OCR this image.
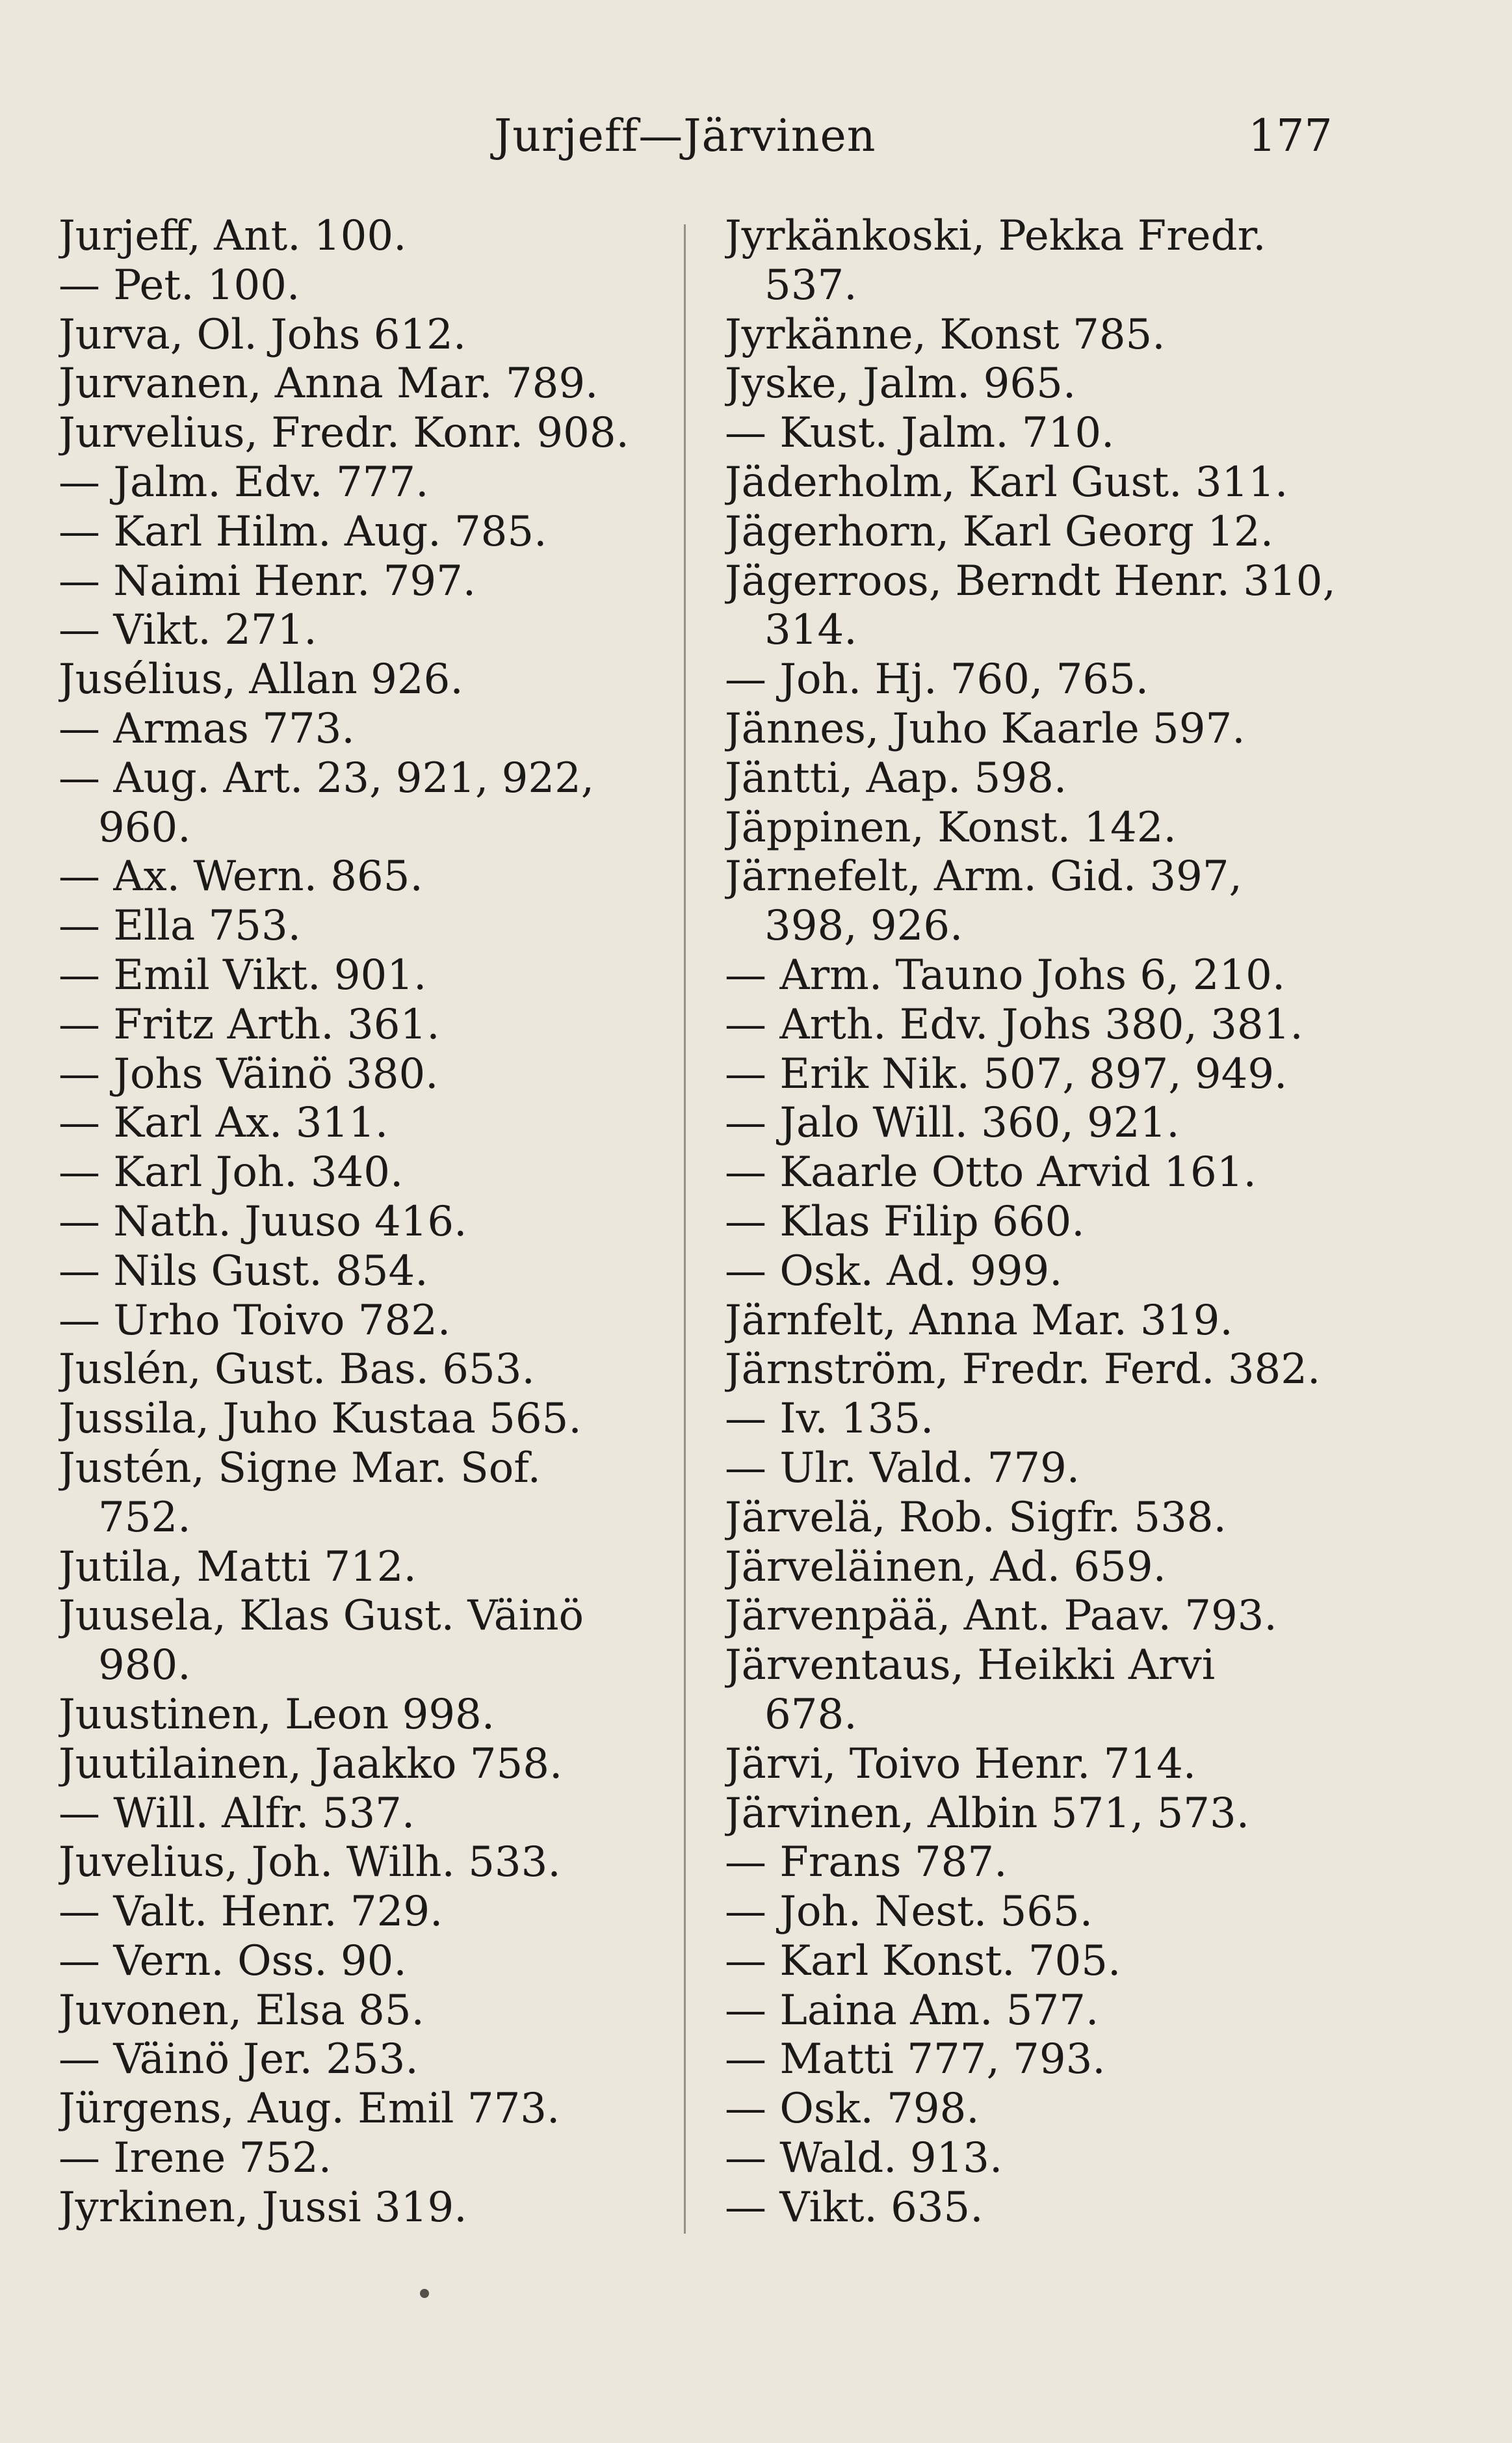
Jurjeff—Järvinen	177
Jurjeff, Ant. 100.
— Pet. 100.
Jurva, Ol. Johs 612.
Jurvanen, Anna Mar. 789.
Jurvelius, Fredr. Konr. 908.
— Jalm. Edv. 777.
— Karl Hilm. Aug. 785.
— Naimi Henr. 797.
— Vikt. 271.
Jusélius, Allan 926.
— Armas 773.
— Aug. Art. 23, 921, 922,
960.
— Ax. Wern. 865.
— Ella 753.
— Emil Vikt. 901.
— Fritz Arth. 361.
— Johs Väinö 380.
— Karl Ax. 311.
— Karl Joh. 340.
— Nath. Juuso 416.
— Nils Gust. 854.
— Urho Toivo 782.
Juslén, Gust. Bas. 653.
Jussila, Juho Kustaa 565.
Justén, Signe Mar. Sof.
752.
Jutila, Matti 712.
Juusela, Klas Gust. Väinö
980.
Juustinen, Leon 998.
Juutilainen, Jaakko 758.
— Will. Alfr. 537.
Juvelius, Joh. Wilh. 533.
— Valt. Henr. 729.
— Vern. Oss. 90.
Juvonen, Elsa 85.
— Väinö Jer. 253.
Jürgens, Aug. Emil 773.
— Irene 752.
Jyrkinen, Jussi 319.
Jyrkänkoski, Pekka Fredr.
537.
Jyrkänne, Konst 785.
Jyske, Jalm. 965.
— Kust. Jalm. 710.
Jäderholm, Karl Gust. 311.
Jägerhorn, Karl Georg 12.
Jägerroos, Berndt Henr. 310,
314.
— Joh. Hj. 760, 765.
Jännes, Juho Kaarle 597.
Jäntti, Aap. 598.
Jäppinen, Konst. 142.
Järnefelt, Arm. Gid. 397,
398, 926.
— Arm. Tauno Johs 6, 210.
— Arth. Edv. Johs 380, 381.
— Erik Nik. 507, 897, 949.
— Jalo Will. 360, 921.
— Kaarle Otto Arvid 161.
— Klas Filip 660.
— Osk. Ad. 999.
Järnfelt, Anna Mar. 319.
Järnström, Fredr. Ferd. 382.
— Iv. 135.
— Ulr. Vald. 779.
Järvelä, Rob. Sigfr. 538.
Järveläinen, Ad. 659.
Järvenpää, Ant. Paav. 793.
Järventaus, Heikki Arvi
678.
Järvi, Toivo Henr. 714.
Järvinen, Albin 571, 573.
— Frans 787.
— Joh. Nest. 565.
— Karl Konst. 705.
— Laina Am. 577.
— Matti 777, 793.
— Osk. 798.
— Wald. 913.
— Vikt. 635.
